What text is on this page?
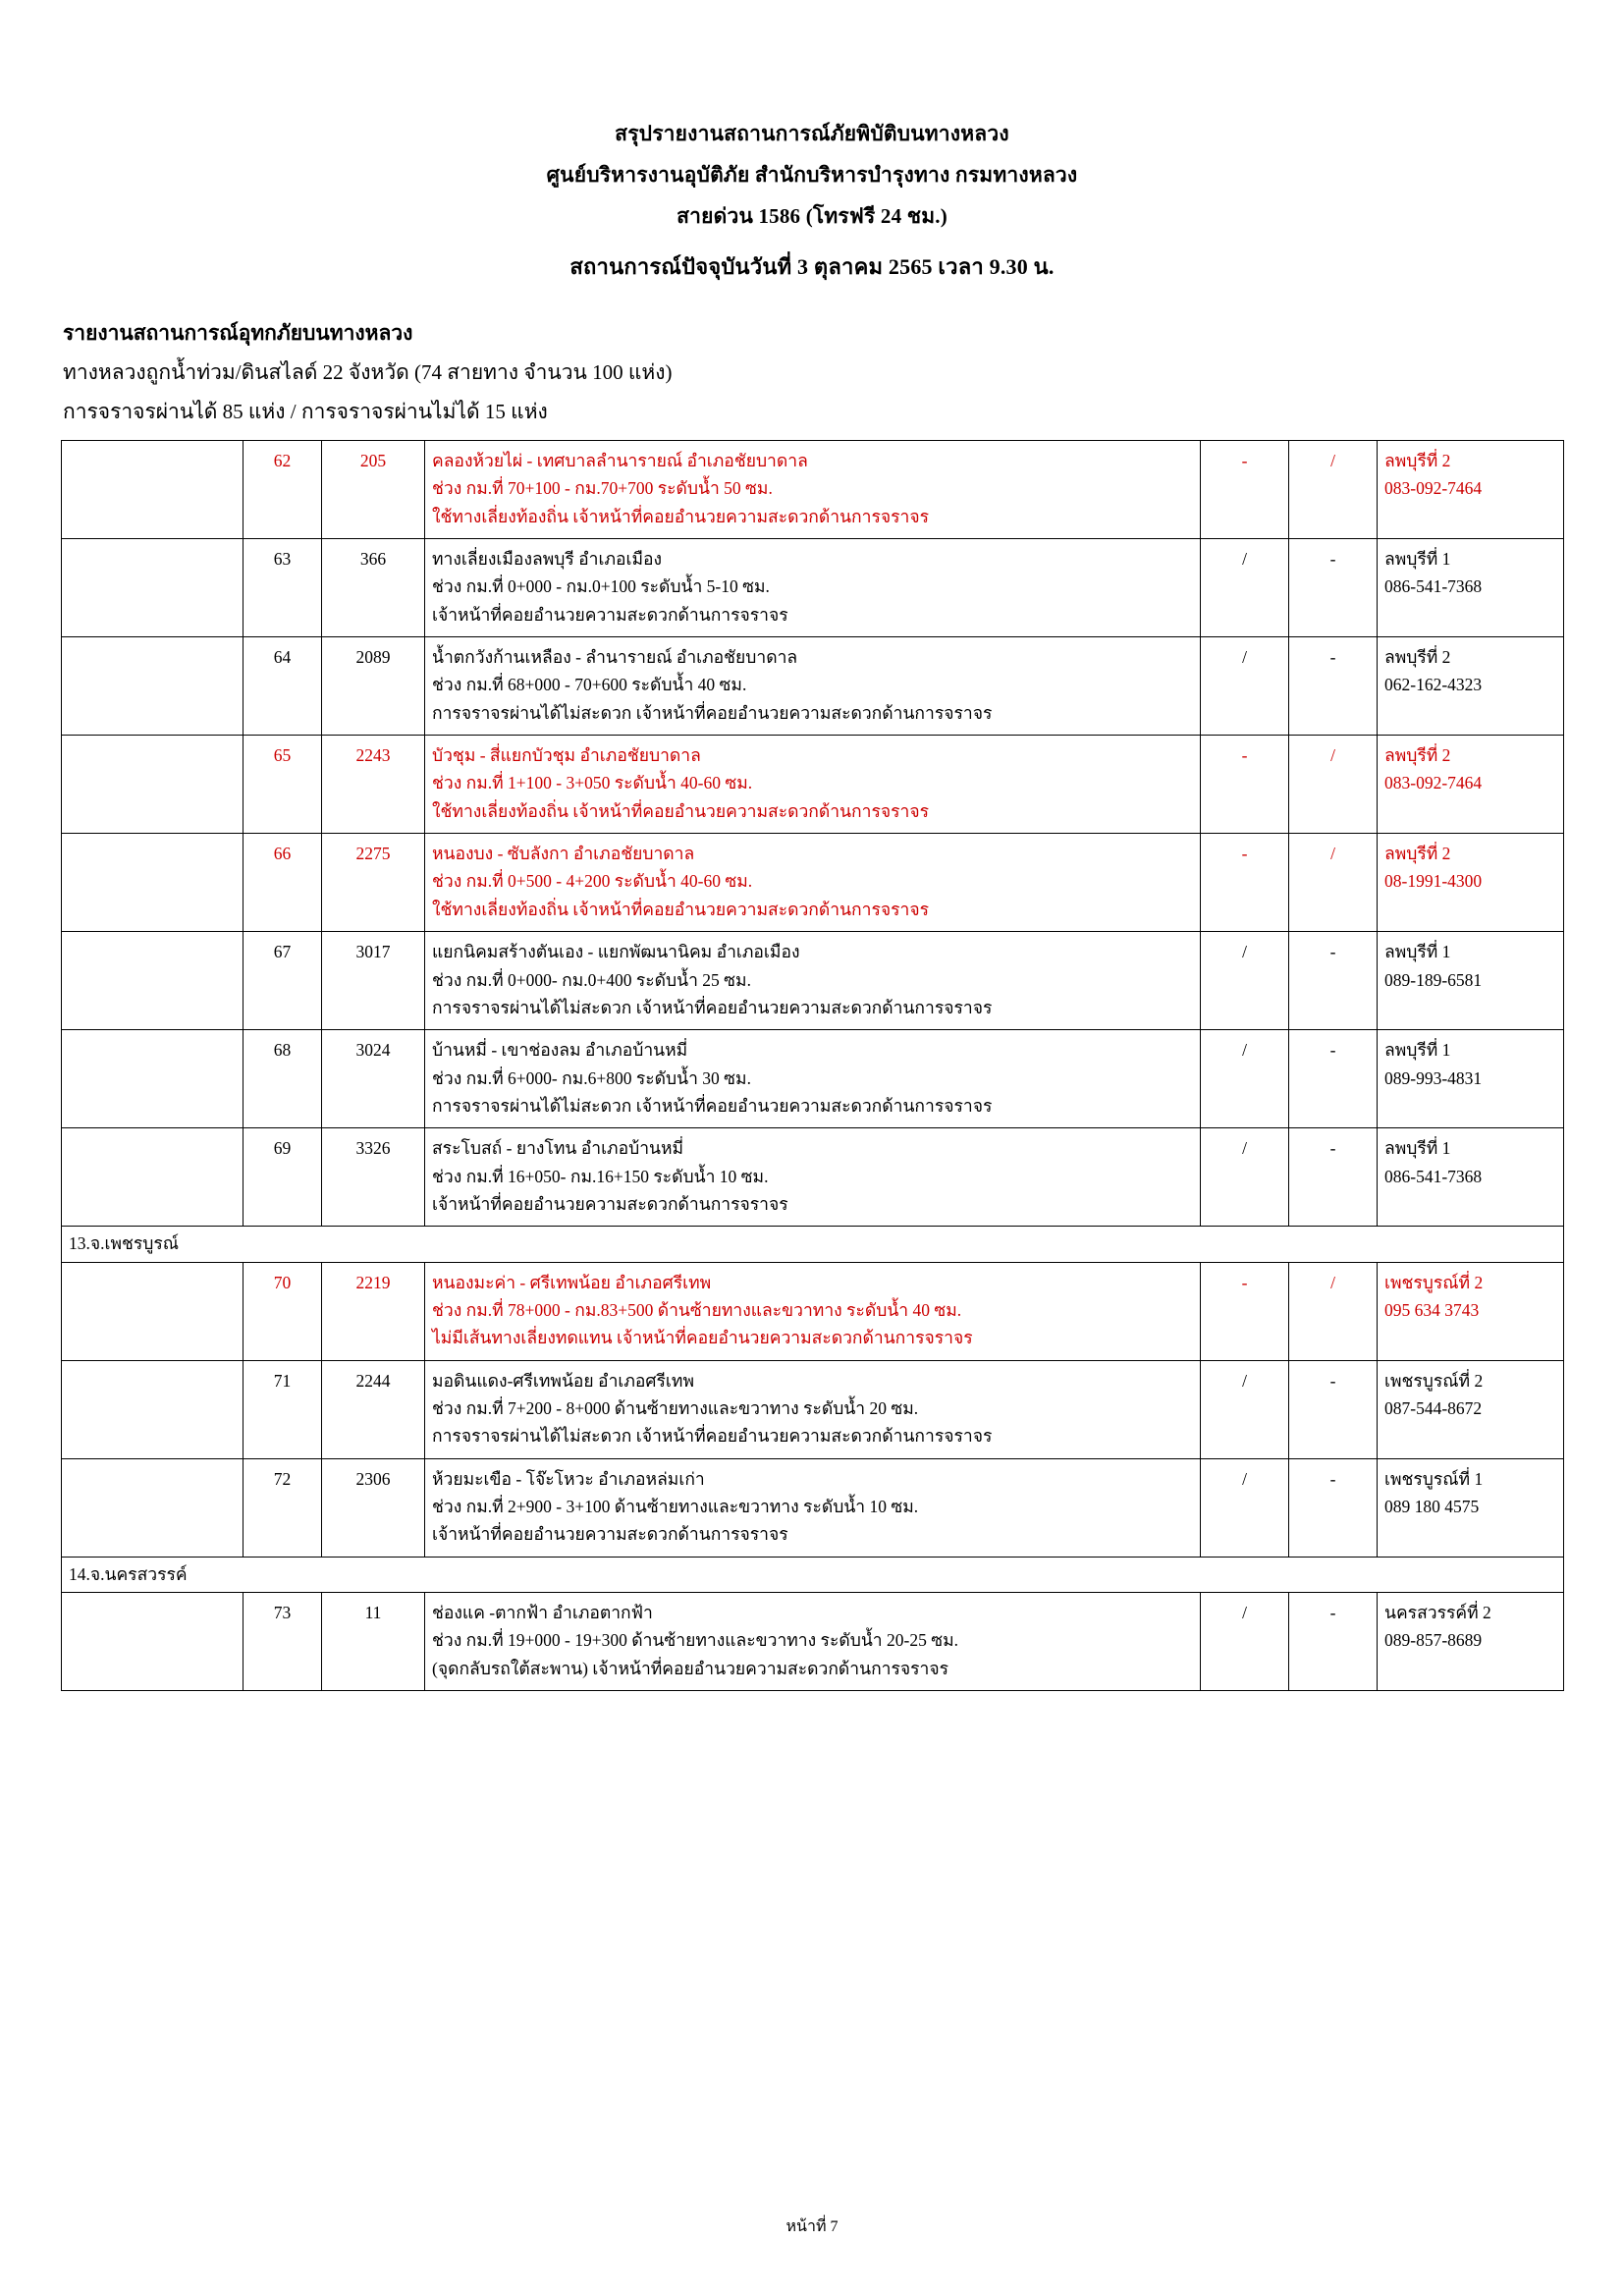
สรุปรายงานสถานการณ์ภัยพิบัติบนทางหลวง
ศูนย์บริหารงานอุบัติภัย สำนักบริหารบำรุงทาง กรมทางหลวง
สายด่วน 1586 (โทรฟรี 24 ชม.)
สถานการณ์ปัจจุบันวันที่ 3 ตุลาคม 2565 เวลา 9.30 น.
รายงานสถานการณ์อุทกภัยบนทางหลวง
ทางหลวงถูกน้ำท่วม/ดินสไลด์ 22 จังหวัด (74 สายทาง จำนวน 100 แห่ง)
การจราจรผ่านได้ 85 แห่ง / การจราจรผ่านไม่ได้ 15 แห่ง
	62	205	คลองห้วยไผ่ - เทศบาลลำนารายณ์ อำเภอชัยบาดาล
ช่วง กม.ที่ 70+100 - กม.70+700 ระดับน้ำ 50 ซม.
ใช้ทางเลี่ยงท้องถิ่น เจ้าหน้าที่คอยอำนวยความสะดวกด้านการจราจร
	-	/	ลพบุรีที่ 2
083-092-7464

	63	366	ทางเลี่ยงเมืองลพบุรี อำเภอเมือง
ช่วง กม.ที่ 0+000 - กม.0+100 ระดับน้ำ 5-10 ซม.
เจ้าหน้าที่คอยอำนวยความสะดวกด้านการจราจร
	/	-	ลพบุรีที่ 1
086-541-7368

	64	2089	น้ำตกวังก้านเหลือง - ลำนารายณ์ อำเภอชัยบาดาล
ช่วง กม.ที่ 68+000 - 70+600 ระดับน้ำ 40 ซม.
การจราจรผ่านได้ไม่สะดวก เจ้าหน้าที่คอยอำนวยความสะดวกด้านการจราจร
	/	-	ลพบุรีที่ 2
062-162-4323

	65	2243	บัวชุม - สี่แยกบัวชุม อำเภอชัยบาดาล
ช่วง กม.ที่ 1+100 - 3+050 ระดับน้ำ 40-60 ซม.
ใช้ทางเลี่ยงท้องถิ่น เจ้าหน้าที่คอยอำนวยความสะดวกด้านการจราจร
	-	/	ลพบุรีที่ 2
083-092-7464

	66	2275	หนองบง - ซับลังกา อำเภอชัยบาดาล
ช่วง กม.ที่ 0+500 - 4+200 ระดับน้ำ 40-60 ซม.
ใช้ทางเลี่ยงท้องถิ่น เจ้าหน้าที่คอยอำนวยความสะดวกด้านการจราจร
	-	/	ลพบุรีที่ 2
08-1991-4300

	67	3017	แยกนิคมสร้างตันเอง - แยกพัฒนานิคม อำเภอเมือง
ช่วง กม.ที่ 0+000- กม.0+400 ระดับน้ำ 25 ซม.
การจราจรผ่านได้ไม่สะดวก เจ้าหน้าที่คอยอำนวยความสะดวกด้านการจราจร
	/	-	ลพบุรีที่ 1
089-189-6581

	68	3024	บ้านหมี่ - เขาช่องลม อำเภอบ้านหมี่
ช่วง กม.ที่ 6+000- กม.6+800 ระดับน้ำ 30 ซม.
การจราจรผ่านได้ไม่สะดวก เจ้าหน้าที่คอยอำนวยความสะดวกด้านการจราจร
	/	-	ลพบุรีที่ 1
089-993-4831

	69	3326	สระโบสถ์ - ยางโทน อำเภอบ้านหมี่
ช่วง กม.ที่ 16+050- กม.16+150 ระดับน้ำ 10 ซม.
เจ้าหน้าที่คอยอำนวยความสะดวกด้านการจราจร
	/	-	ลพบุรีที่ 1
086-541-7368

13.จ.เพชรบูรณ์						
	70	2219	หนองมะค่า - ศรีเทพน้อย อำเภอศรีเทพ
ช่วง กม.ที่ 78+000 - กม.83+500 ด้านซ้ายทางและขวาทาง ระดับน้ำ 40 ซม.
ไม่มีเส้นทางเลี่ยงทดแทน เจ้าหน้าที่คอยอำนวยความสะดวกด้านการจราจร
	-	/	เพชรบูรณ์ที่ 2
095 634 3743

	71	2244	มอดินแดง-ศรีเทพน้อย อำเภอศรีเทพ
ช่วง กม.ที่ 7+200 - 8+000 ด้านซ้ายทางและขวาทาง ระดับน้ำ 20 ซม.
การจราจรผ่านได้ไม่สะดวก เจ้าหน้าที่คอยอำนวยความสะดวกด้านการจราจร
	/	-	เพชรบูรณ์ที่ 2
087-544-8672

	72	2306	ห้วยมะเขือ - โจ๊ะโหวะ อำเภอหล่มเก่า
ช่วง กม.ที่ 2+900 - 3+100 ด้านซ้ายทางและขวาทาง ระดับน้ำ 10 ซม.
เจ้าหน้าที่คอยอำนวยความสะดวกด้านการจราจร
	/	-	เพชรบูรณ์ที่ 1
089 180 4575

14.จ.นครสวรรค์						
	73	11	ช่องแค -ตากฟ้า อำเภอตากฟ้า
ช่วง กม.ที่ 19+000 - 19+300 ด้านซ้ายทางและขวาทาง ระดับน้ำ 20-25 ซม.
(จุดกลับรถใต้สะพาน) เจ้าหน้าที่คอยอำนวยความสะดวกด้านการจราจร
	/	-	นครสวรรค์ที่ 2
089-857-8689
หน้าที่ 7
